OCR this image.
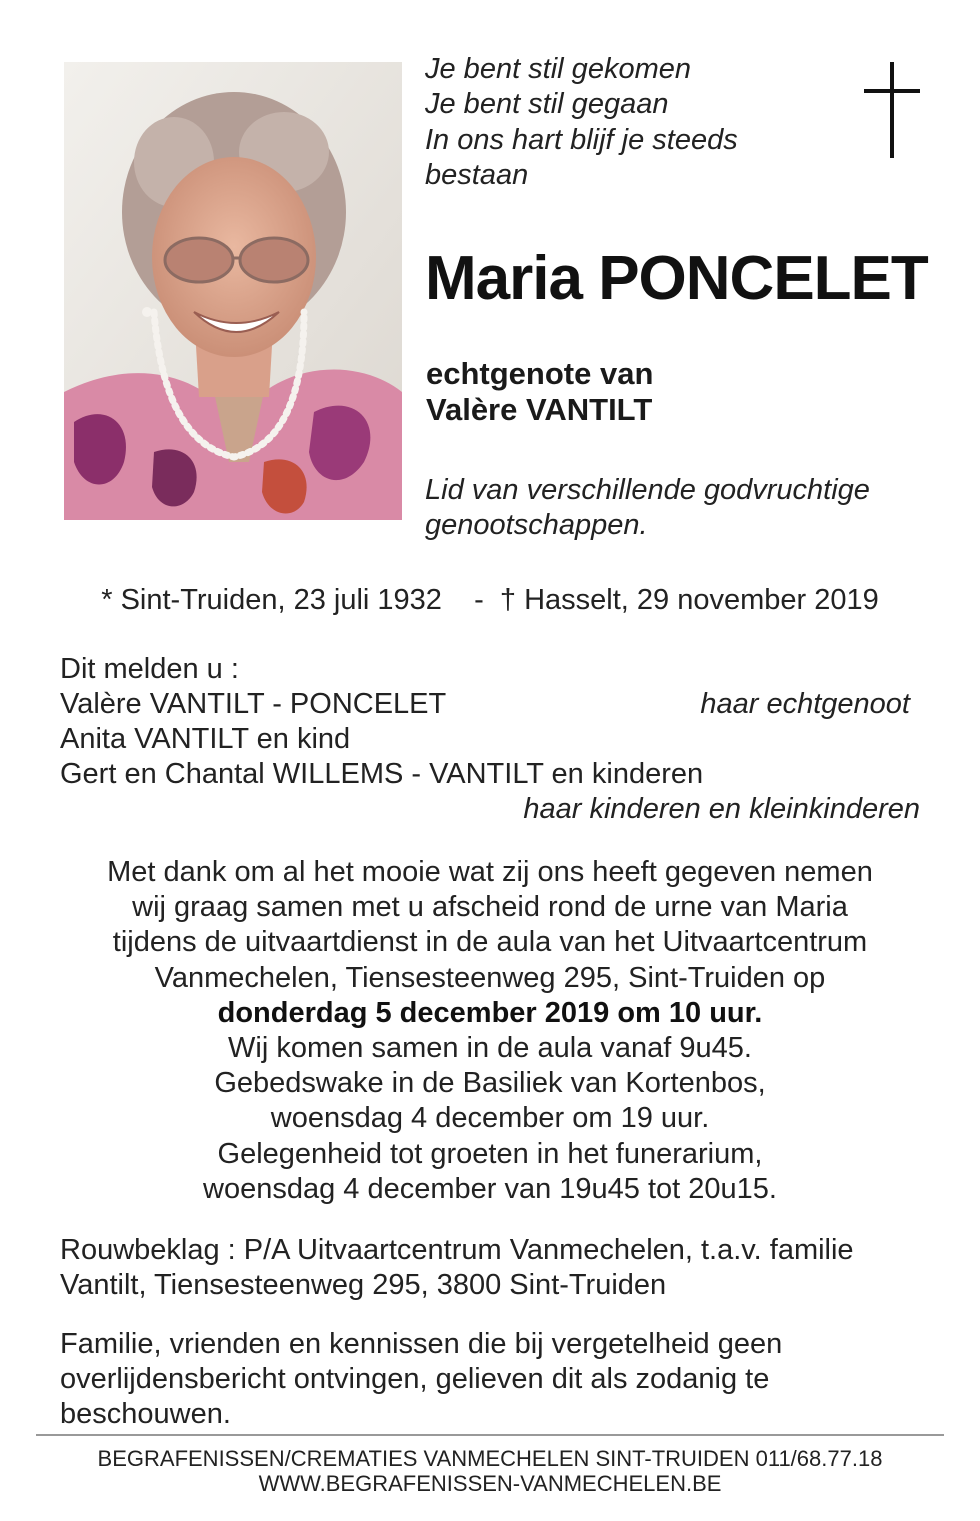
Je bent stil gekomen
Je bent stil gegaan
In ons hart blijf je steeds
bestaan
Maria PONCELET
echtgenote van
Valère VANTILT
Lid van verschillende godvruchtige
genootschappen.
* Sint-Truiden, 23 juli 1932    -  † Hasselt, 29 november 2019
Dit melden u :
Valère VANTILT - PONCELET	haar echtgenoot
Anita VANTILT en kind
Gert en Chantal WILLEMS - VANTILT en kinderen
haar kinderen en kleinkinderen
Met dank om al het mooie wat zij ons heeft gegeven nemen
wij graag samen met u afscheid rond de urne van Maria
tijdens de uitvaartdienst in de aula van het Uitvaartcentrum
Vanmechelen, Tiensesteenweg 295, Sint-Truiden op
donderdag 5 december 2019 om 10 uur.
Wij komen samen in de aula vanaf 9u45.
Gebedswake in de Basiliek van Kortenbos,
woensdag 4 december om 19 uur.
Gelegenheid tot groeten in het funerarium,
woensdag 4 december van 19u45 tot 20u15.
Rouwbeklag : P/A Uitvaartcentrum Vanmechelen, t.a.v. familie
Vantilt, Tiensesteenweg 295, 3800 Sint-Truiden
Familie, vrienden en kennissen die bij vergetelheid geen
overlijdensbericht ontvingen, gelieven dit als zodanig te
beschouwen.
BEGRAFENISSEN/CREMATIES VANMECHELEN SINT-TRUIDEN 011/68.77.18
WWW.BEGRAFENISSEN-VANMECHELEN.BE
